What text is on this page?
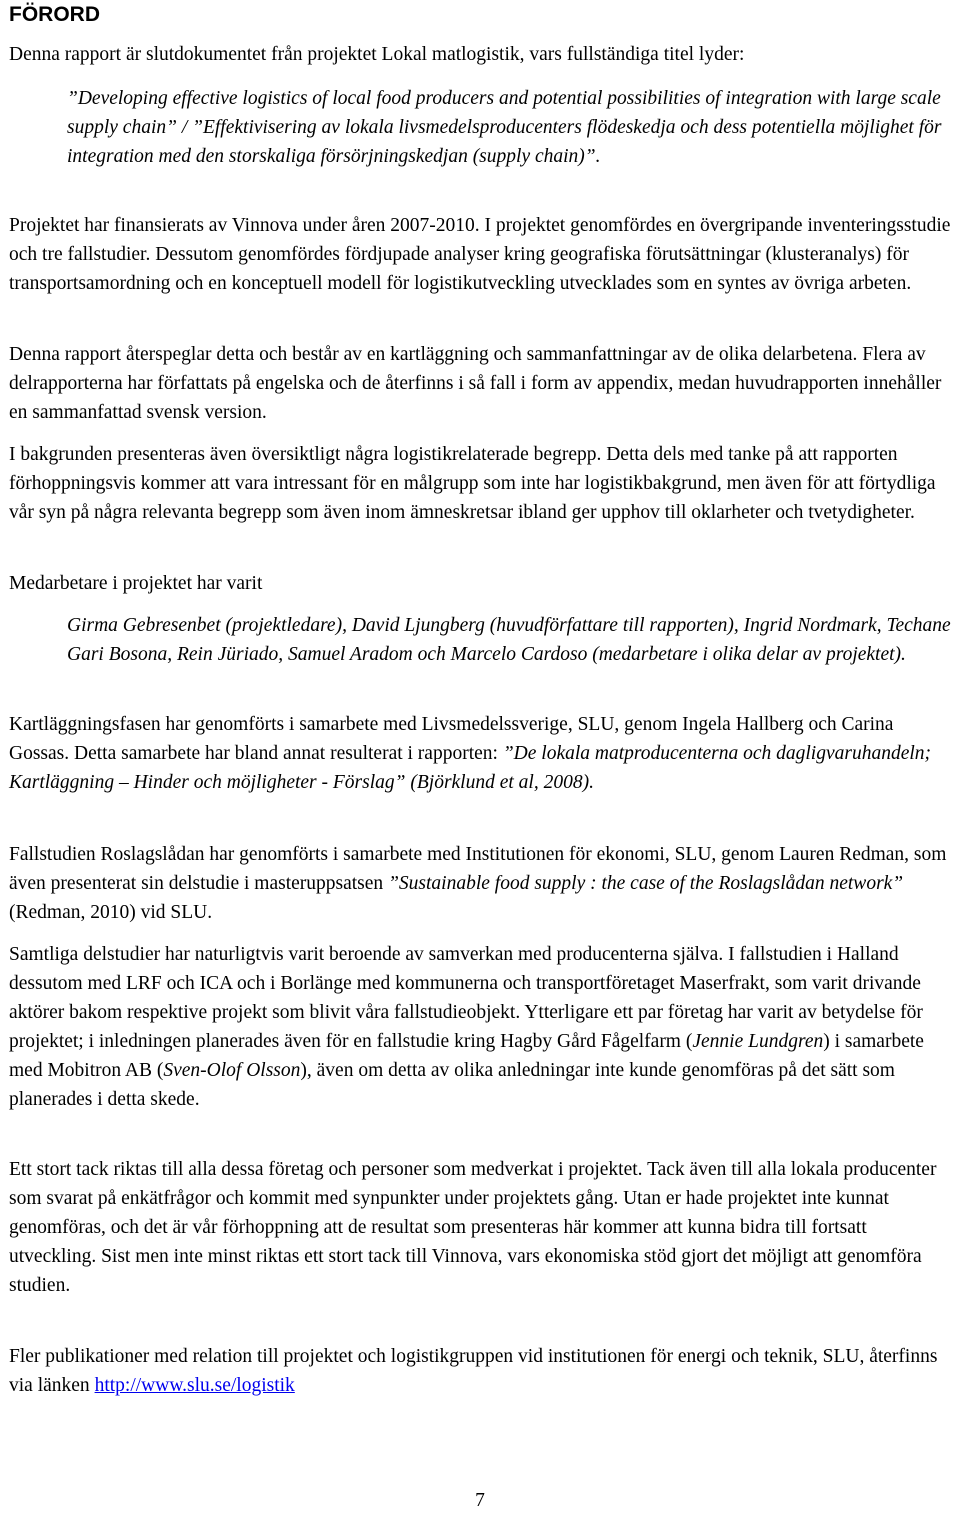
FÖRORD

Denna rapport är slutdokumentet från projektet Lokal matlogistik, vars fullständiga titel lyder:

”Developing effective logistics of local food producers and potential possibilities of integration with large scale supply chain” / ”Effektivisering av lokala livsmedelsproducenters flödeskedja och dess potentiella möjlighet för integration med den storskaliga försörjningskedjan (supply chain)”.

Projektet har finansierats av Vinnova under åren 2007-2010. I projektet genomfördes en övergripande inventeringsstudie och tre fallstudier. Dessutom genomfördes fördjupade analyser kring geografiska förutsättningar (klusteranalys) för transportsamordning och en konceptuell modell för logistikutveckling utvecklades som en syntes av övriga arbeten.

Denna rapport återspeglar detta och består av en kartläggning och sammanfattningar av de olika delarbetena. Flera av delrapporterna har författats på engelska och de återfinns i så fall i form av appendix, medan huvudrapporten innehåller en sammanfattad svensk version.

I bakgrunden presenteras även översiktligt några logistikrelaterade begrepp. Detta dels med tanke på att rapporten förhoppningsvis kommer att vara intressant för en målgrupp som inte har logistikbakgrund, men även för att förtydliga vår syn på några relevanta begrepp som även inom ämneskretsar ibland ger upphov till oklarheter och tvetydigheter.

Medarbetare i projektet har varit

Girma Gebresenbet (projektledare), David Ljungberg (huvudförfattare till rapporten), Ingrid Nordmark, Techane Gari Bosona, Rein Jüriado, Samuel Aradom och Marcelo Cardoso (medarbetare i olika delar av projektet).

Kartläggningsfasen har genomförts i samarbete med Livsmedelssverige, SLU, genom Ingela Hallberg och Carina Gossas. Detta samarbete har bland annat resulterat i rapporten: ”De lokala matproducenterna och dagligvaruhandeln; Kartläggning – Hinder och möjligheter - Förslag” (Björklund et al, 2008).

Fallstudien Roslagslådan har genomförts i samarbete med Institutionen för ekonomi, SLU, genom Lauren Redman, som även presenterat sin delstudie i masteruppsatsen ”Sustainable food supply : the case of the Roslagslådan network” (Redman, 2010) vid SLU.

Samtliga delstudier har naturligtvis varit beroende av samverkan med producenterna själva. I fallstudien i Halland dessutom med LRF och ICA och i Borlänge med kommunerna och transportföretaget Maserfrakt, som varit drivande aktörer bakom respektive projekt som blivit våra fallstudieobjekt. Ytterligare ett par företag har varit av betydelse för projektet; i inledningen planerades även för en fallstudie kring Hagby Gård Fågelfarm (Jennie Lundgren) i samarbete med Mobitron AB (Sven-Olof Olsson), även om detta av olika anledningar inte kunde genomföras på det sätt som planerades i detta skede.

Ett stort tack riktas till alla dessa företag och personer som medverkat i projektet. Tack även till alla lokala producenter som svarat på enkätfrågor och kommit med synpunkter under projektets gång. Utan er hade projektet inte kunnat genomföras, och det är vår förhoppning att de resultat som presenteras här kommer att kunna bidra till fortsatt utveckling. Sist men inte minst riktas ett stort tack till Vinnova, vars ekonomiska stöd gjort det möjligt att genomföra studien.

Fler publikationer med relation till projektet och logistikgruppen vid institutionen för energi och teknik, SLU, återfinns via länken http://www.slu.se/logistik

7
